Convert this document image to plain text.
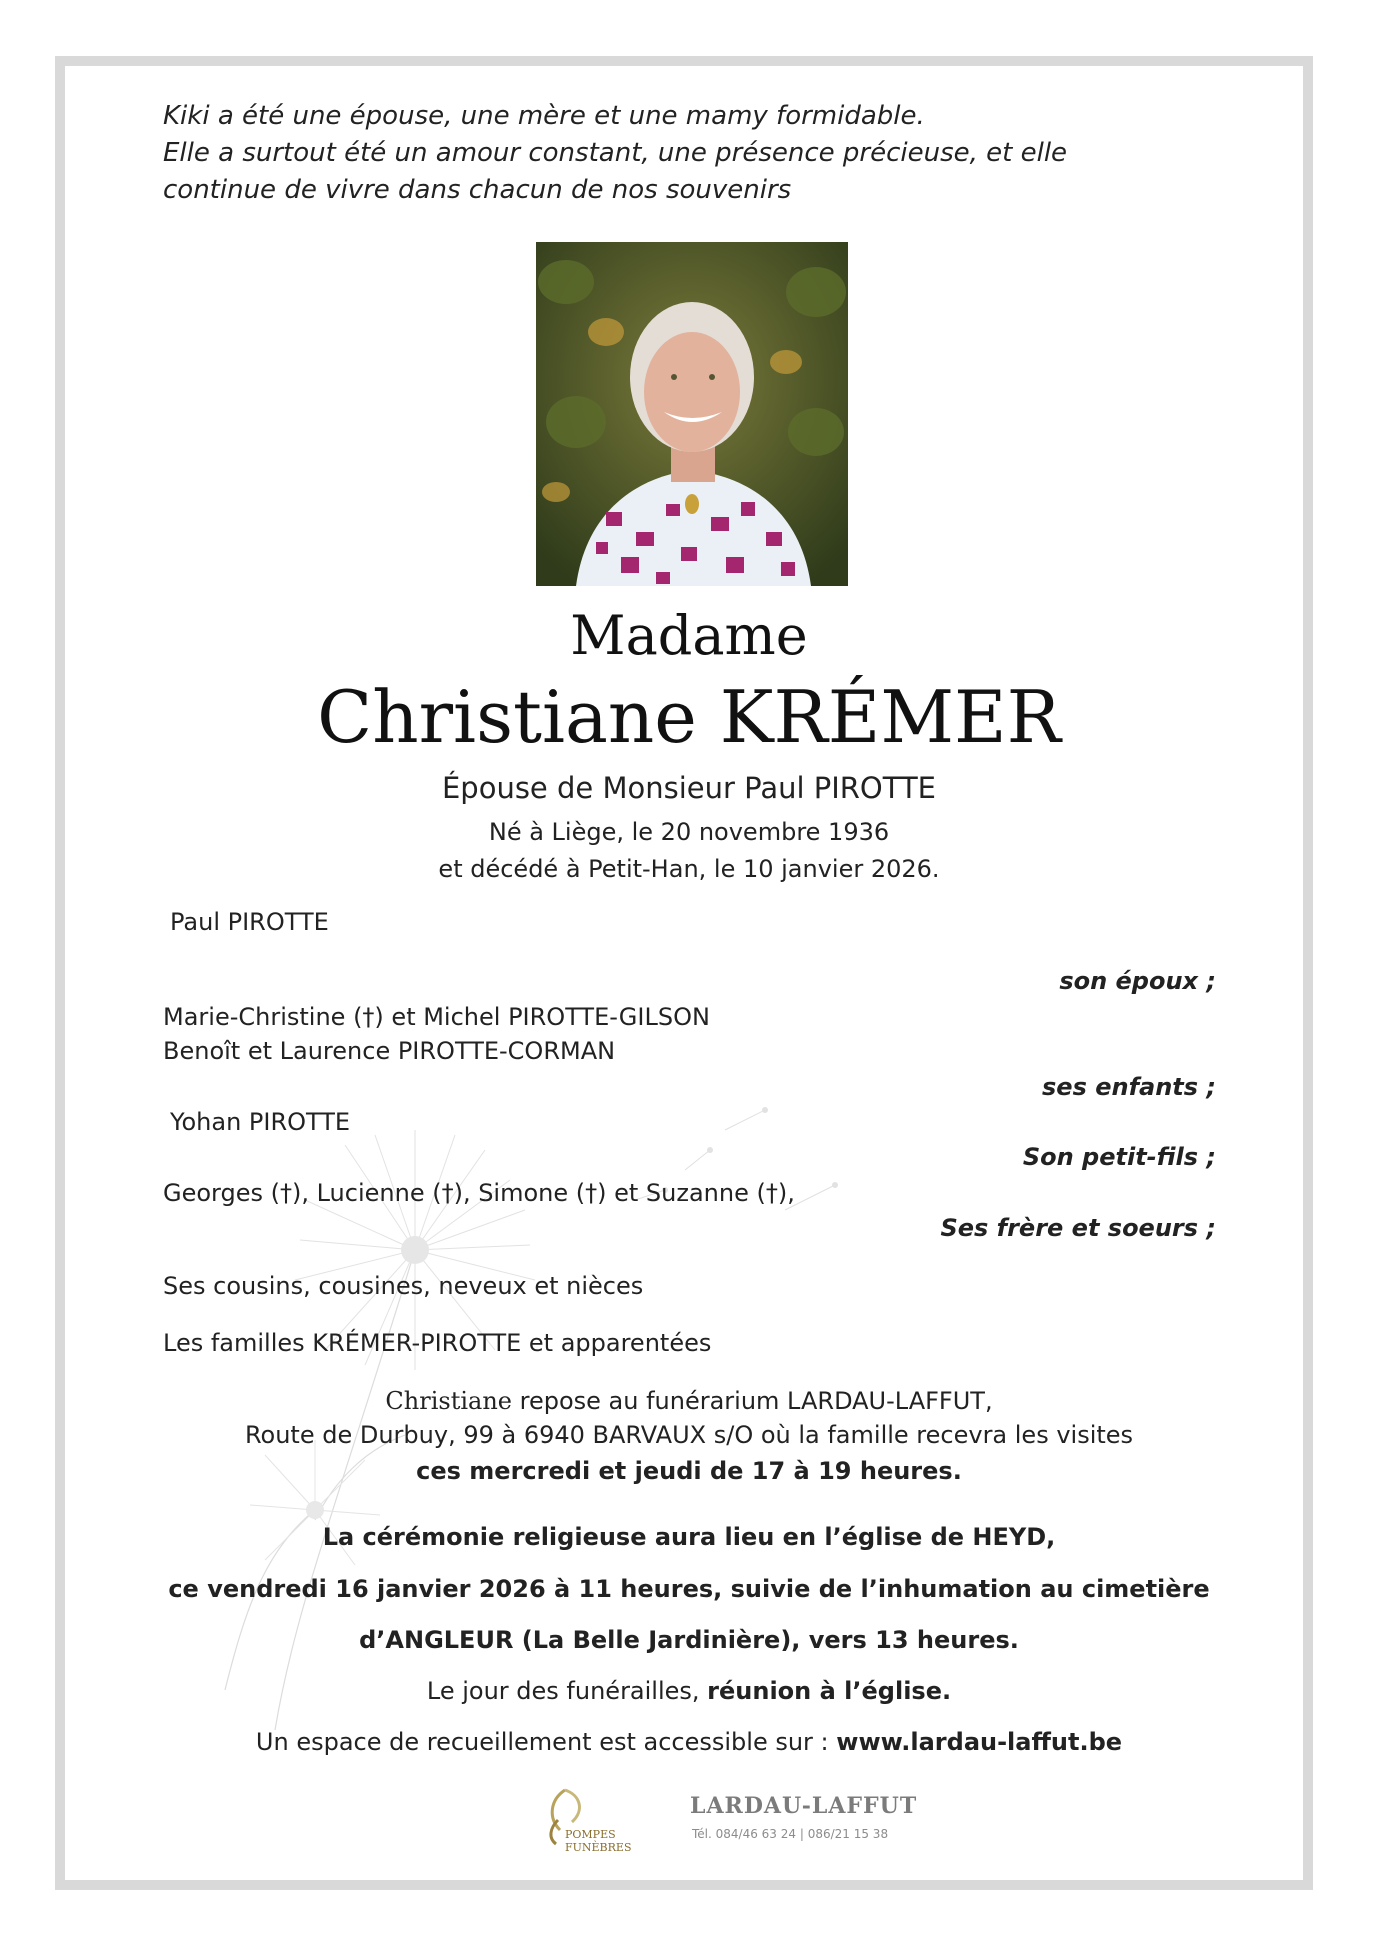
Kiki a été une épouse, une mère et une mamy formidable.
Elle a surtout été un amour constant, une présence précieuse, et elle
continue de vivre dans chacun de nos souvenirs
Madame
Christiane KRÉMER
Épouse de Monsieur Paul PIROTTE
Né à Liège, le 20 novembre 1936
et décédé à Petit-Han, le 10 janvier 2026.
Paul PIROTTE
son époux ;
Marie-Christine (†) et Michel PIROTTE-GILSON
Benoît et Laurence PIROTTE-CORMAN
ses enfants ;
Yohan PIROTTE
Son petit-fils ;
Georges (†), Lucienne (†), Simone (†) et Suzanne (†),
Ses frère et soeurs ;
Ses cousins, cousines, neveux et nièces
Les familles KRÉMER-PIROTTE et apparentées
Christiane repose au funérarium LARDAU-LAFFUT,
Route de Durbuy, 99 à 6940 BARVAUX s/O où la famille recevra les visites
ces mercredi et jeudi de 17 à 19 heures.
La cérémonie religieuse aura lieu en l’église de HEYD,
ce vendredi 16 janvier 2026 à 11 heures, suivie de l’inhumation au cimetière
d’ANGLEUR (La Belle Jardinière), vers 13 heures.
Le jour des funérailles, réunion à l’église.
Un espace de recueillement est accessible sur : www.lardau-laffut.be
POMPES
FUNÈBRES
LARDAU-LAFFUT
Tél. 084/46 63 24 | 086/21 15 38
